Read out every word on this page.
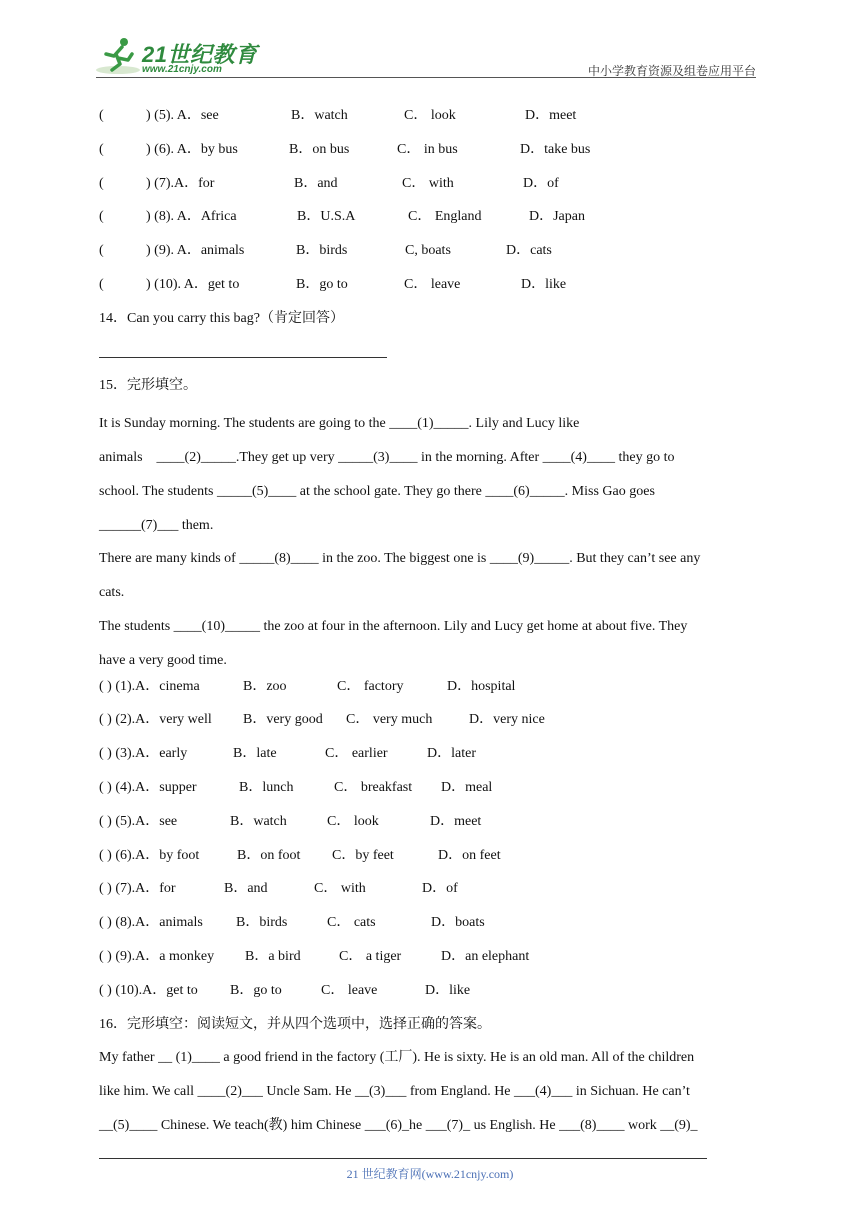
21世纪教育
www.21cnjy.com	中小学教育资源及组卷应用平台
(	) (5). A．see	B．watch	C． look	D．meet
(	) (6). A．by bus	B．on bus	C． in bus	D．take bus
(	) (7).A．for	B．and	C． with	D．of
(	) (8). A．Africa	B．U.S.A	C． England	D．Japan
(	) (9). A．animals	B．birds	C, boats	D．cats
(	) (10). A．get to	B．go to	C． leave	D．like
14．Can you carry this bag?（肯定回答）
15．完形填空。
It is Sunday morning. The students are going to the ____(1)_____. Lily and Lucy like
animals    ____(2)_____.They get up very _____(3)____ in the morning. After ____(4)____ they go to
school. The students _____(5)____ at the school gate. They go there ____(6)_____. Miss Gao goes
______(7)___ them.
There are many kinds of _____(8)____ in the zoo. The biggest one is ____(9)_____. But they can’t see any
cats.
The students ____(10)_____ the zoo at four in the afternoon. Lily and Lucy get home at about five. They
have a very good time.
( ) (1).A．cinema	B．zoo	C． factory	D．hospital
( ) (2).A．very well B．very good C． very much	D．very nice
( ) (3).A．early	B．late	C． earlier	D．later
( ) (4).A．supper	B．lunch	C． breakfast D．meal
( ) (5).A．see	B．watch	C． look	D．meet
( ) (6).A．by foot	B．on foot C．by feet	D．on feet
( ) (7).A．for	B．and	C． with	D．of
( ) (8).A．animals B．birds	C． cats	D．boats
( ) (9).A．a monkey B．a bird	C． a tiger	D．an elephant
( ) (10).A．get to B．go to	C． leave	D．like
16．完形填空：阅读短文，并从四个选项中，选择正确的答案。
My father __ (1)____ a good friend in the factory (工厂). He is sixty. He is an old man. All of the children
like him. We call ____(2)___ Uncle Sam. He __(3)___ from England. He ___(4)___ in Sichuan. He can’t
__(5)____ Chinese. We teach(教) him Chinese ___(6)_he ___(7)_ us English. He ___(8)____ work __(9)_
21 世纪教育网(www.21cnjy.com)
